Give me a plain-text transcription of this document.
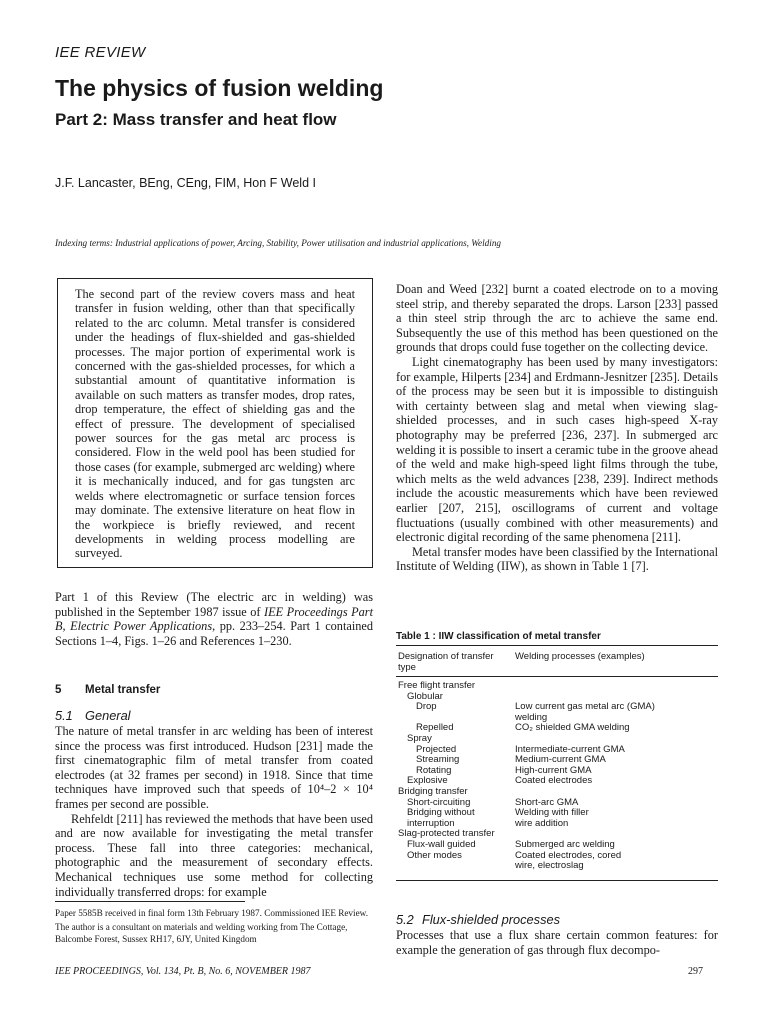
IEE REVIEW
The physics of fusion welding
Part 2: Mass transfer and heat flow
J.F. Lancaster, BEng, CEng, FIM, Hon F Weld I
Indexing terms: Industrial applications of power, Arcing, Stability, Power utilisation and industrial applications, Welding
The second part of the review covers mass and heat transfer in fusion welding, other than that specifically related to the arc column. Metal transfer is considered under the headings of flux-shielded and gas-shielded processes. The major portion of experimental work is concerned with the gas-shielded processes, for which a substantial amount of quantitative information is available on such matters as transfer modes, drop rates, drop temperature, the effect of shielding gas and the effect of pressure. The development of specialised power sources for the gas metal arc process is considered. Flow in the weld pool has been studied for those cases (for example, submerged arc welding) where it is mechanically induced, and for gas tungsten arc welds where electromagnetic or surface tension forces may dominate. The extensive literature on heat flow in the workpiece is briefly reviewed, and recent developments in welding process modelling are surveyed.
Part 1 of this Review (The electric arc in welding) was published in the September 1987 issue of IEE Proceedings Part B, Electric Power Applications, pp. 233–254. Part 1 contained Sections 1–4, Figs. 1–26 and References 1–230.
5 Metal transfer
5.1 General

The nature of metal transfer in arc welding has been of interest since the process was first introduced. Hudson [231] made the first cinematographic film of metal transfer from coated electrodes (at 32 frames per second) in 1918. Since that time techniques have improved such that speeds of 10⁴–2 × 10⁴ frames per second are possible.

Rehfeldt [211] has reviewed the methods that have been used and are now available for investigating the metal transfer process. These fall into three categories: mechanical, photographic and the measurement of secondary effects. Mechanical techniques use some method for collecting individually transferred drops: for example

Paper 5585B received in final form 13th February 1987. Commissioned IEE Review.

The author is a consultant on materials and welding working from The Cottage, Balcombe Forest, Sussex RH17, 6JY, United Kingdom

IEE PROCEEDINGS, Vol. 134, Pt. B, No. 6, NOVEMBER 1987	297

Doan and Weed [232] burnt a coated electrode on to a moving steel strip, and thereby separated the drops. Larson [233] passed a thin steel strip through the arc to achieve the same end. Subsequently the use of this method has been questioned on the grounds that drops could fuse together on the collecting device.

Light cinematography has been used by many investigators: for example, Hilperts [234] and Erdmann-Jesnitzer [235]. Details of the process may be seen but it is impossible to distinguish with certainty between slag and metal when viewing slag-shielded processes, and in such cases high-speed X-ray photography may be preferred [236, 237]. In submerged arc welding it is possible to insert a ceramic tube in the groove ahead of the weld and make high-speed light films through the tube, which melts as the weld advances [238, 239]. Indirect methods include the acoustic measurements which have been reviewed earlier [207, 215], oscillograms of current and voltage fluctuations (usually combined with other measurements) and electronic digital recording of the same phenomena [211].

Metal transfer modes have been classified by the International Institute of Welding (IIW), as shown in Table 1 [7].

Table 1 : IIW classification of metal transfer
Designation of transfer type
Welding processes (examples)
Free flight transfer
Globular
Drop
Repelled
Spray
Projected
Streaming
Rotating
Explosive
Bridging transfer
Short-circuiting
Bridging without
interruption
Slag-protected transfer
Flux-wall guided
Other modes
Low current gas metal arc (GMA)
welding
CO₂ shielded GMA welding
Intermediate-current GMA
Medium-current GMA
High-current GMA
Coated electrodes
Short-arc GMA
Welding with filler
wire addition
Submerged arc welding
Coated electrodes, cored
wire, electroslag
5.2 Flux-shielded processes
Processes that use a flux share certain common features: for example the generation of gas through flux decompo-
